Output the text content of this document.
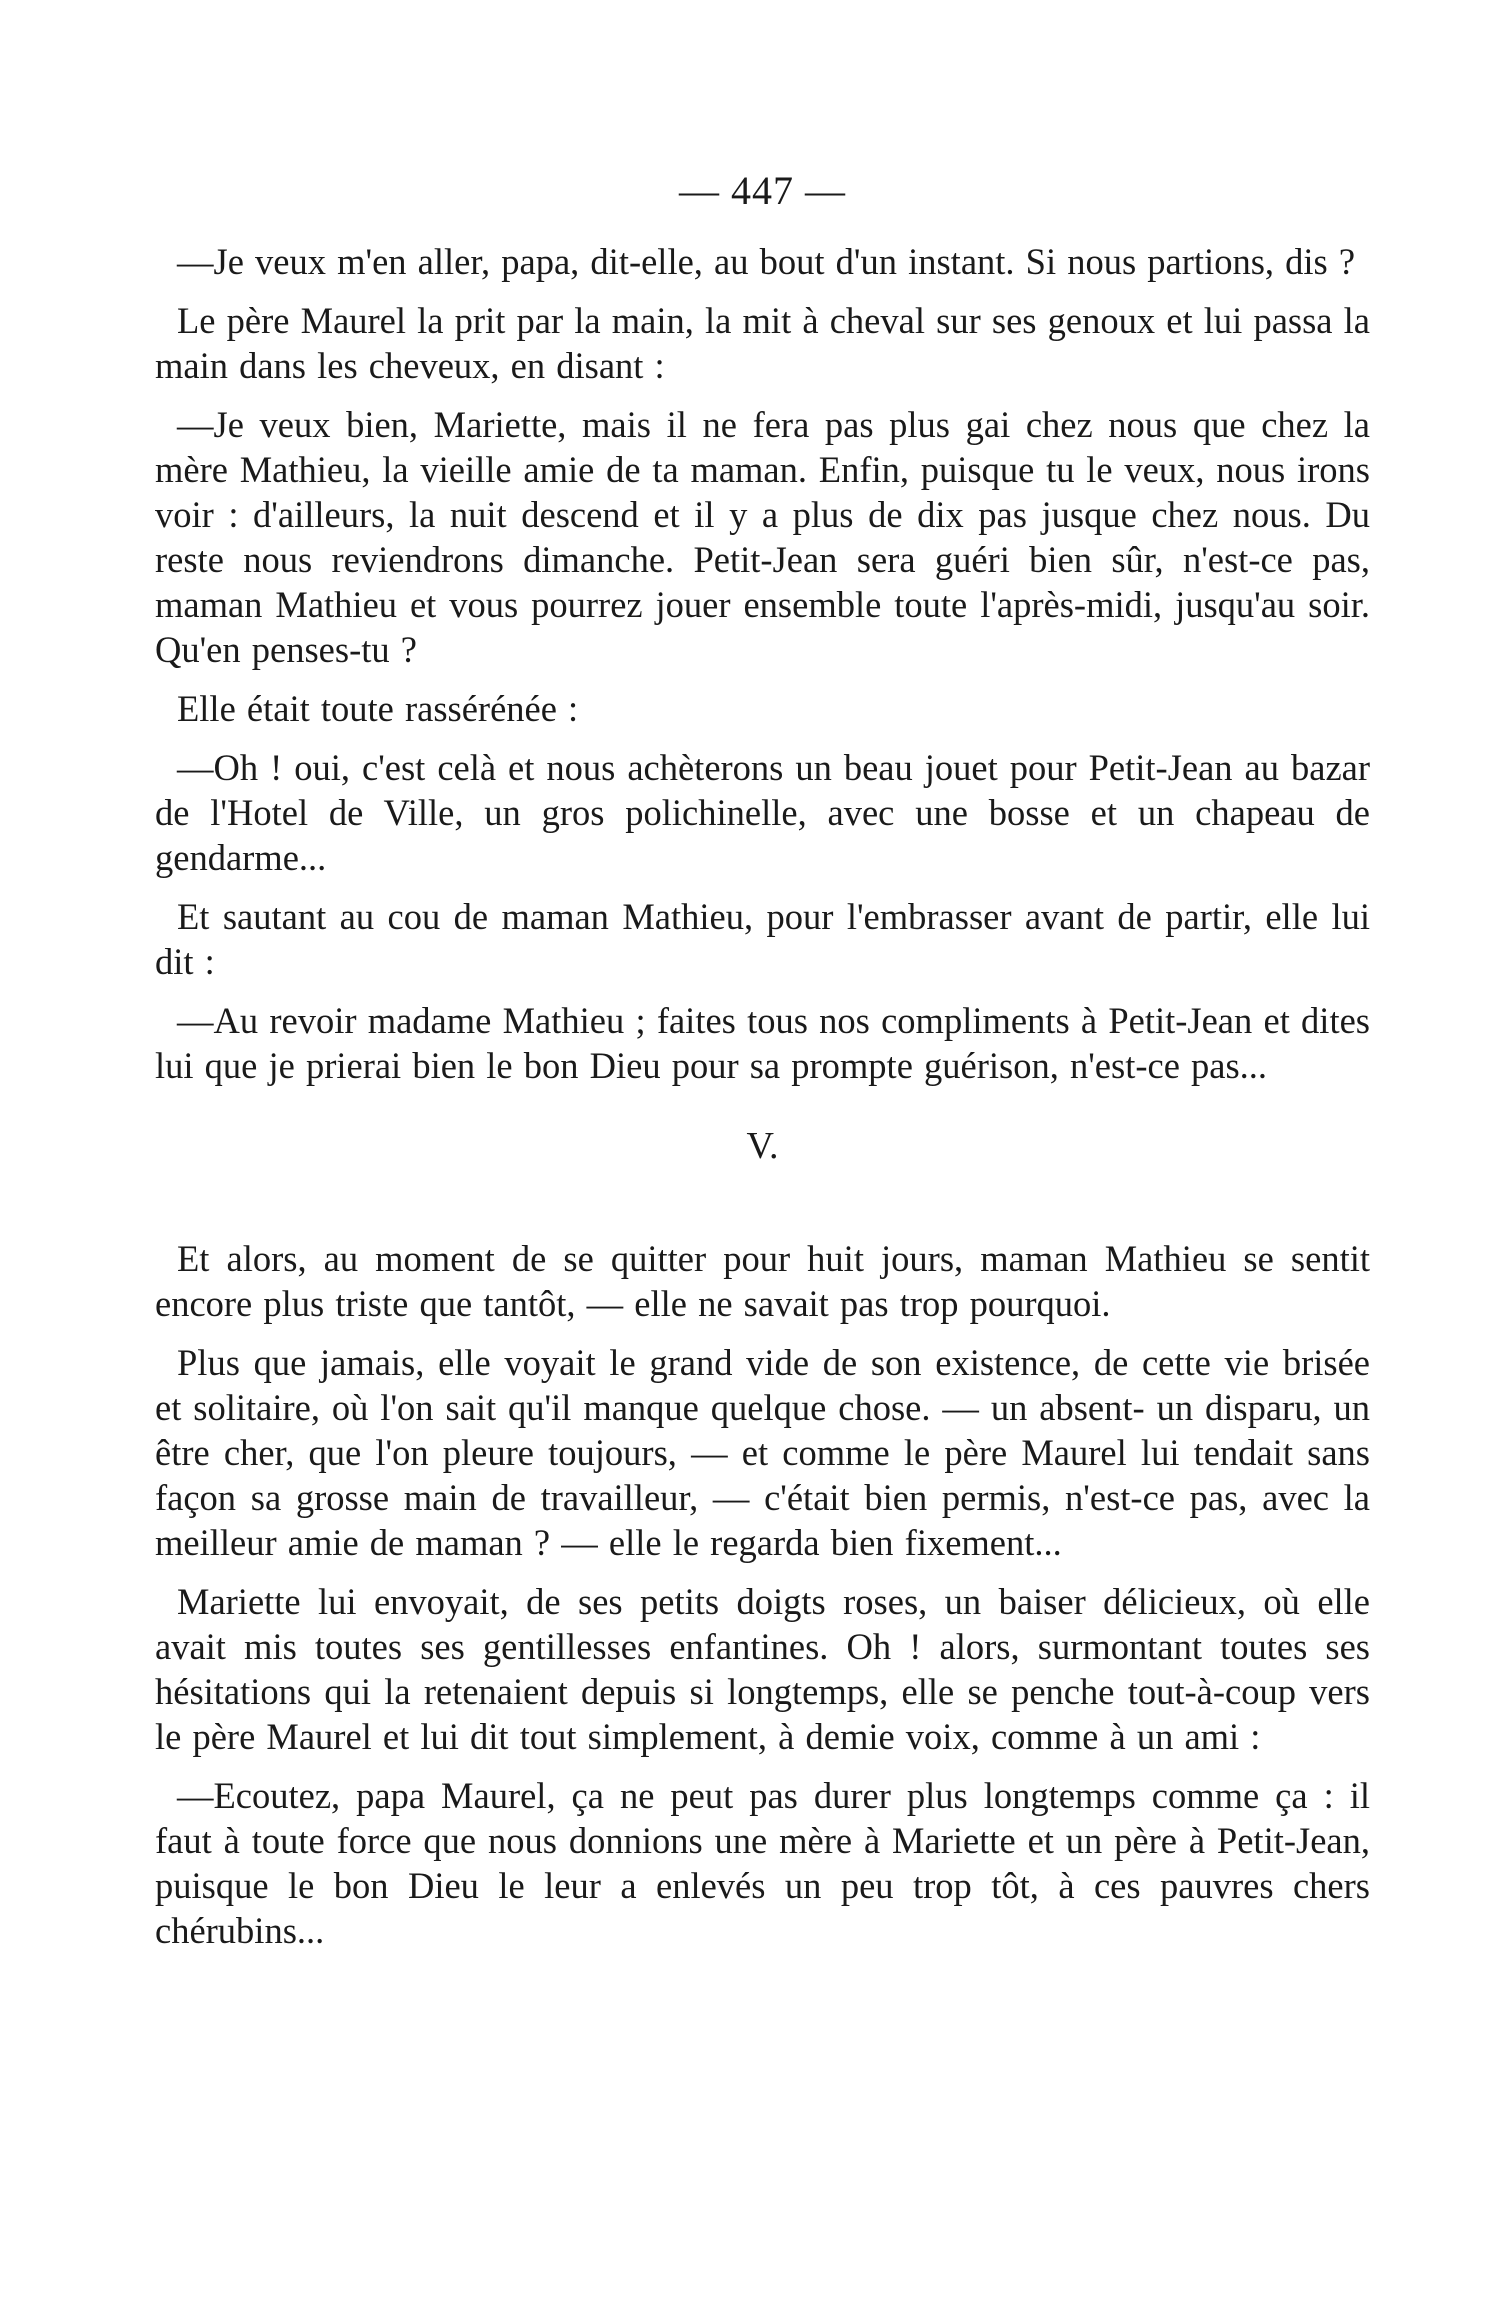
— 447 —

—Je veux m'en aller, papa, dit-elle, au bout d'un instant. Si nous partions, dis ?

Le père Maurel la prit par la main, la mit à cheval sur ses genoux et lui passa la main dans les cheveux, en disant :

—Je veux bien, Mariette, mais il ne fera pas plus gai chez nous que chez la mère Mathieu, la vieille amie de ta maman. Enfin, puisque tu le veux, nous irons voir : d'ailleurs, la nuit descend et il y a plus de dix pas jusque chez nous. Du reste nous reviendrons dimanche. Petit-Jean sera guéri bien sûr, n'est-ce pas, maman Mathieu et vous pourrez jouer ensemble toute l'après-midi, jusqu'au soir. Qu'en penses-tu ?

Elle était toute rassérénée :

—Oh ! oui, c'est celà et nous achèterons un beau jouet pour Petit-Jean au bazar de l'Hotel de Ville, un gros polichinelle, avec une bosse et un chapeau de gendarme...

Et sautant au cou de maman Mathieu, pour l'embrasser avant de partir, elle lui dit :

—Au revoir madame Mathieu ; faites tous nos compliments à Petit-Jean et dites lui que je prierai bien le bon Dieu pour sa prompte guérison, n'est-ce pas...

V.

Et alors, au moment de se quitter pour huit jours, maman Mathieu se sentit encore plus triste que tantôt, — elle ne savait pas trop pourquoi.

Plus que jamais, elle voyait le grand vide de son existence, de cette vie brisée et solitaire, où l'on sait qu'il manque quelque chose. — un absent- un disparu, un être cher, que l'on pleure toujours, — et comme le père Maurel lui tendait sans façon sa grosse main de travailleur, — c'était bien permis, n'est-ce pas, avec la meilleur amie de maman ? — elle le regarda bien fixement...

Mariette lui envoyait, de ses petits doigts roses, un baiser délicieux, où elle avait mis toutes ses gentillesses enfantines. Oh ! alors, surmontant toutes ses hésitations qui la retenaient depuis si longtemps, elle se penche tout-à-coup vers le père Maurel et lui dit tout simplement, à demie voix, comme à un ami :

—Ecoutez, papa Maurel, ça ne peut pas durer plus longtemps comme ça : il faut à toute force que nous donnions une mère à Mariette et un père à Petit-Jean, puisque le bon Dieu le leur a enlevés un peu trop tôt, à ces pauvres chers chérubins...
